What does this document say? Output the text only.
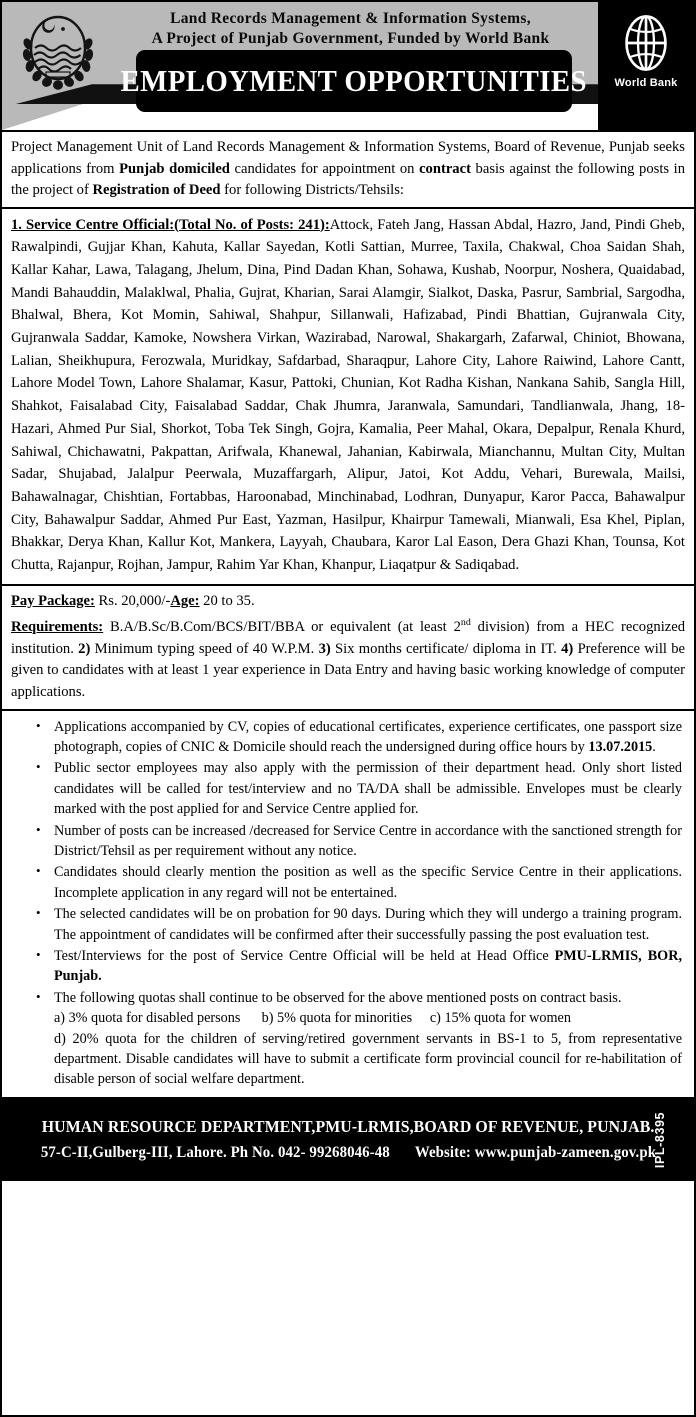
Land Records Management & Information Systems,
A Project of Punjab Government, Funded by World Bank
EMPLOYMENT OPPORTUNITIES World Bank

Project Management Unit of Land Records Management & Information Systems, Board of Revenue, Punjab seeks applications from Punjab domiciled candidates for appointment on contract basis against the following posts in the project of Registration of Deed for following Districts/Tehsils:

1. Service Centre Official:(Total No. of Posts: 241):Attock, Fateh Jang, Hassan Abdal, Hazro, Jand, Pindi Gheb, Rawalpindi, Gujjar Khan, Kahuta, Kallar Sayedan, Kotli Sattian, Murree, Taxila, Chakwal, Choa Saidan Shah, Kallar Kahar, Lawa, Talagang, Jhelum, Dina, Pind Dadan Khan, Sohawa, Kushab, Noorpur, Noshera, Quaidabad, Mandi Bahauddin, Malaklwal, Phalia, Gujrat, Kharian, Sarai Alamgir, Sialkot, Daska, Pasrur, Sambrial, Sargodha, Bhalwal, Bhera, Kot Momin, Sahiwal, Shahpur, Sillanwali, Hafizabad, Pindi Bhattian, Gujranwala City, Gujranwala Saddar, Kamoke, Nowshera Virkan, Wazirabad, Narowal, Shakargarh, Zafarwal, Chiniot, Bhowana, Lalian, Sheikhupura, Ferozwala, Muridkay, Safdarbad, Sharaqpur, Lahore City, Lahore Raiwind, Lahore Cantt, Lahore Model Town, Lahore Shalamar, Kasur, Pattoki, Chunian, Kot Radha Kishan, Nankana Sahib, Sangla Hill, Shahkot, Faisalabad City, Faisalabad Saddar, Chak Jhumra, Jaranwala, Samundari, Tandlianwala, Jhang, 18-Hazari, Ahmed Pur Sial, Shorkot, Toba Tek Singh, Gojra, Kamalia, Peer Mahal, Okara, Depalpur, Renala Khurd, Sahiwal, Chichawatni, Pakpattan, Arifwala, Khanewal, Jahanian, Kabirwala, Mianchannu, Multan City, Multan Sadar, Shujabad, Jalalpur Peerwala, Muzaffargarh, Alipur, Jatoi, Kot Addu, Vehari, Burewala, Mailsi, Bahawalnagar, Chishtian, Fortabbas, Haroonabad, Minchinabad, Lodhran, Dunyapur, Karor Pacca, Bahawalpur City, Bahawalpur Saddar, Ahmed Pur East, Yazman, Hasilpur, Khairpur Tamewali, Mianwali, Esa Khel, Piplan, Bhakkar, Derya Khan, Kallur Kot, Mankera, Layyah, Chaubara, Karor Lal Eason, Dera Ghazi Khan, Tounsa, Kot Chutta, Rajanpur, Rojhan, Jampur, Rahim Yar Khan, Khanpur, Liaqatpur & Sadiqabad.

Pay Package: Rs. 20,000/-Age: 20 to 35.

Requirements: B.A/B.Sc/B.Com/BCS/BIT/BBA or equivalent (at least 2nd division) from a HEC recognized institution. 2) Minimum typing speed of 40 W.P.M. 3) Six months certificate/ diploma in IT. 4) Preference will be given to candidates with at least 1 year experience in Data Entry and having basic working knowledge of computer applications.

• Applications accompanied by CV, copies of educational certificates, experience certificates, one passport size photograph, copies of CNIC & Domicile should reach the undersigned during office hours by 13.07.2015.
• Public sector employees may also apply with the permission of their department head. Only short listed candidates will be called for test/interview and no TA/DA shall be admissible. Envelopes must be clearly marked with the post applied for and Service Centre applied for.
• Number of posts can be increased /decreased for Service Centre in accordance with the sanctioned strength for District/Tehsil as per requirement without any notice.
• Candidates should clearly mention the position as well as the specific Service Centre in their applications. Incomplete application in any regard will not be entertained.
• The selected candidates will be on probation for 90 days. During which they will undergo a training program. The appointment of candidates will be confirmed after their successfully passing the post evaluation test.
• Test/Interviews for the post of Service Centre Official will be held at Head Office PMU-LRMIS, BOR, Punjab.
• The following quotas shall continue to be observed for the above mentioned posts on contract basis.
a) 3% quota for disabled persons      b) 5% quota for minorities     c) 15% quota for women
d) 20% quota for the children of serving/retired government servants in BS-1 to 5, from representative department. Disable candidates will have to submit a certificate form provincial council for re-habilitation of disable person of social welfare department.
HUMAN RESOURCE DEPARTMENT,PMU-LRMIS,BOARD OF REVENUE, PUNJAB.
57-C-II,Gulberg-III, Lahore. Ph No. 042- 99268046-48 Website: www.punjab-zameen.gov.pk
IPL-8395
